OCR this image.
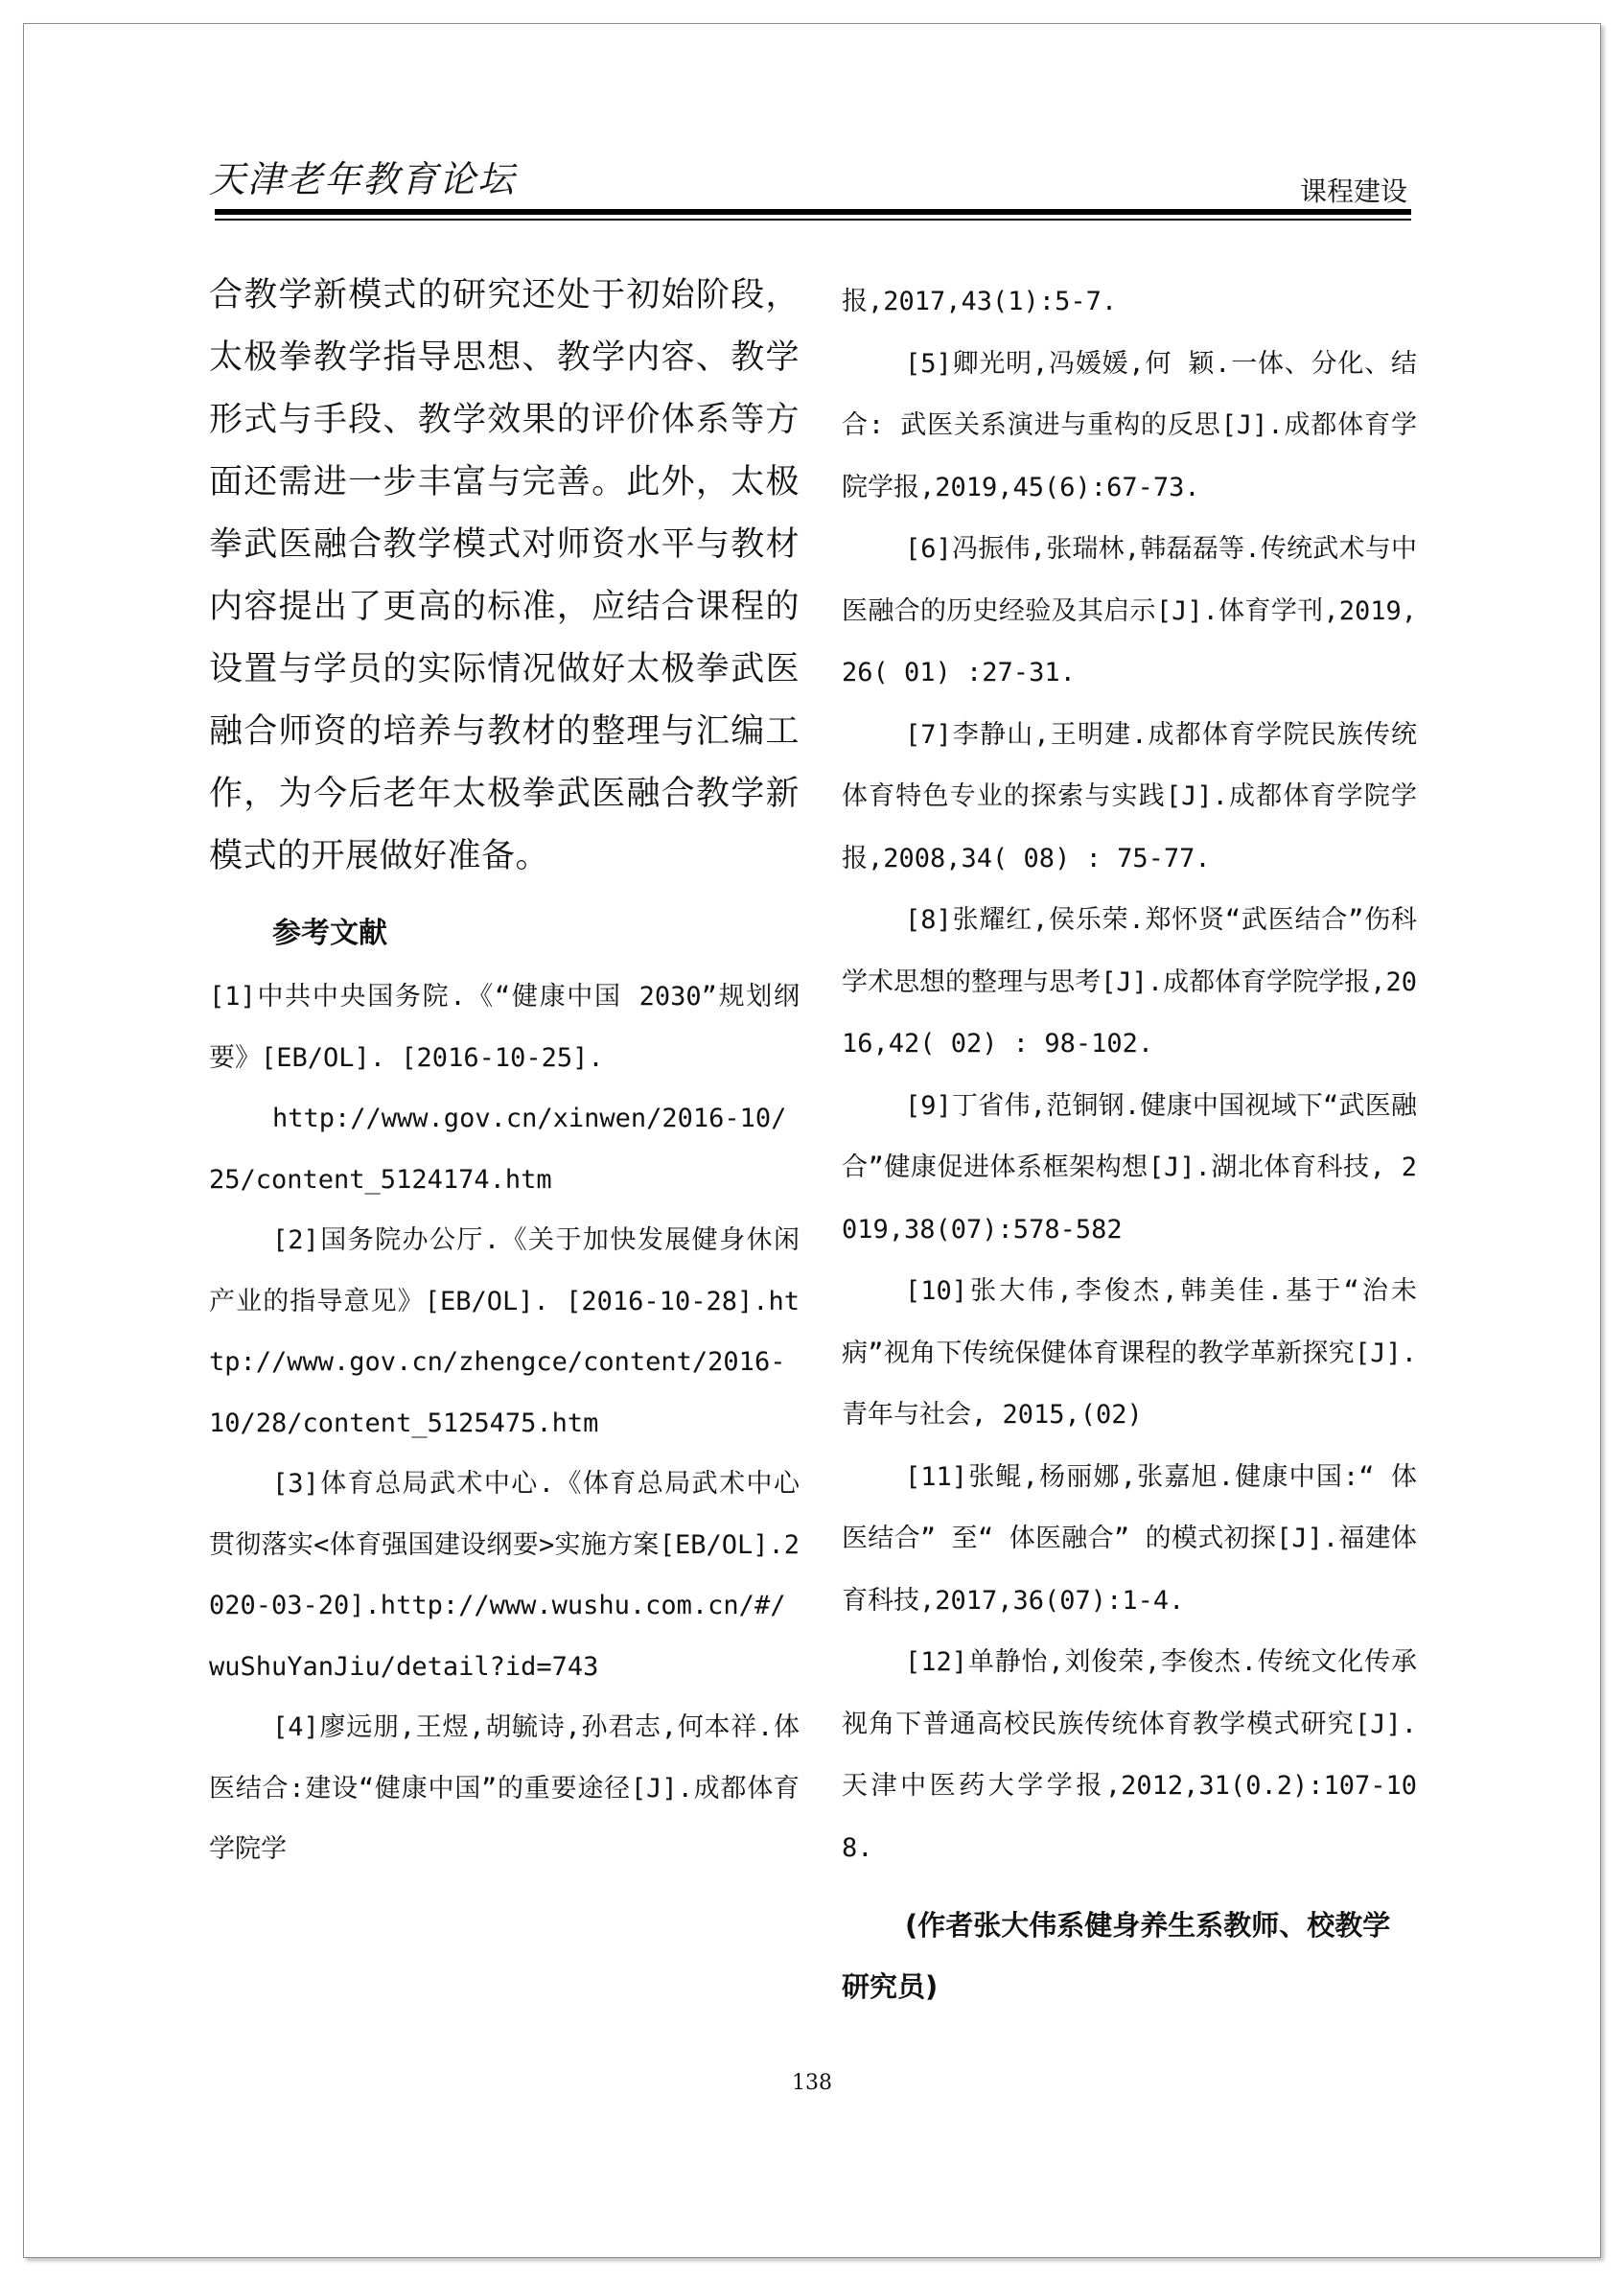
天津老年教育论坛	课程建设

合教学新模式的研究还处于初始阶段，太极拳教学指导思想、教学内容、教学形式与手段、教学效果的评价体系等方面还需进一步丰富与完善。此外，太极拳武医融合教学模式对师资水平与教材内容提出了更高的标准，应结合课程的设置与学员的实际情况做好太极拳武医融合师资的培养与教材的整理与汇编工作，为今后老年太极拳武医融合教学新模式的开展做好准备。

参考文献

[1]中共中央国务院.《“健康中国 2030”规划纲要》[EB/OL]. [2016-10-25].

http://www.gov.cn/xinwen/2016-10/25/content_5124174.htm

[2]国务院办公厅.《关于加快发展健身休闲产业的指导意见》[EB/OL]. [2016-10-28].http://www.gov.cn/zhengce/content/2016-10/28/content_5125475.htm

[3]体育总局武术中心.《体育总局武术中心贯彻落实<体育强国建设纲要>实施方案[EB/OL].2020-03-20].http://www.wushu.com.cn/#/wuShuYanJiu/detail?id=743

[4]廖远朋,王煜,胡毓诗,孙君志,何本祥.体医结合:建设“健康中国”的重要途径[J].成都体育学院学

报,2017,43(1):5-7.

[5]卿光明,冯媛媛,何 颖.一体、分化、结合: 武医关系演进与重构的反思[J].成都体育学院学报,2019,45(6):67-73.

[6]冯振伟,张瑞林,韩磊磊等.传统武术与中医融合的历史经验及其启示[J].体育学刊,2019,26( 01) :27-31.

[7]李静山,王明建.成都体育学院民族传统体育特色专业的探索与实践[J].成都体育学院学报,2008,34( 08) : 75-77.

[8]张耀红,侯乐荣.郑怀贤“武医结合”伤科学术思想的整理与思考[J].成都体育学院学报,2016,42( 02) : 98-102.

[9]丁省伟,范铜钢.健康中国视域下“武医融合”健康促进体系框架构想[J].湖北体育科技, 2019,38(07):578-582

[10]张大伟,李俊杰,韩美佳.基于“治未病”视角下传统保健体育课程的教学革新探究[J].青年与社会, 2015,(02)

[11]张鲲,杨丽娜,张嘉旭.健康中国:“ 体医结合” 至“ 体医融合” 的模式初探[J].福建体育科技,2017,36(07):1-4.

[12]单静怡,刘俊荣,李俊杰.传统文化传承视角下普通高校民族传统体育教学模式研究[J].天津中医药大学学报,2012,31(0.2):107-108.

(作者张大伟系健身养生系教师、校教学研究员)

138
